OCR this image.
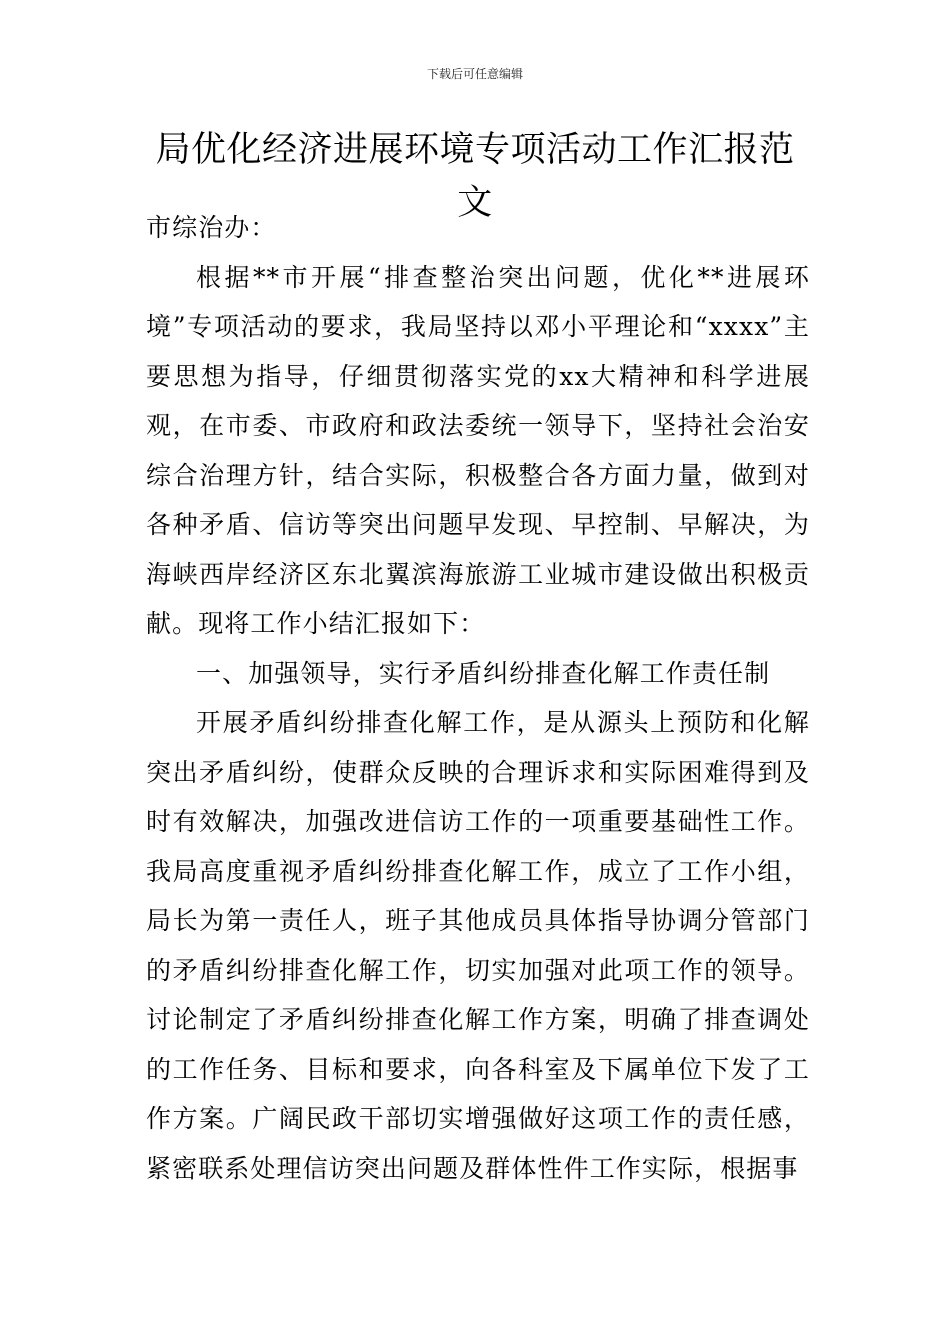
下载后可任意编辑
局优化经济进展环境专项活动工作汇报范文

市综治办：

根据**市开展“排查整治突出问题，优化**进展环境”专项活动的要求，我局坚持以邓小平理论和“xxxx”主要思想为指导，仔细贯彻落实党的xx大精神和科学进展观，在市委、市政府和政法委统一领导下，坚持社会治安综合治理方针，结合实际，积极整合各方面力量，做到对各种矛盾、信访等突出问题早发现、早控制、早解决，为海峡西岸经济区东北翼滨海旅游工业城市建设做出积极贡献。现将工作小结汇报如下：

一、加强领导，实行矛盾纠纷排查化解工作责任制

开展矛盾纠纷排查化解工作，是从源头上预防和化解突出矛盾纠纷，使群众反映的合理诉求和实际困难得到及时有效解决，加强改进信访工作的一项重要基础性工作。我局高度重视矛盾纠纷排查化解工作，成立了工作小组，局长为第一责任人，班子其他成员具体指导协调分管部门的矛盾纠纷排查化解工作，切实加强对此项工作的领导。讨论制定了矛盾纠纷排查化解工作方案，明确了排查调处的工作任务、目标和要求，向各科室及下属单位下发了工作方案。广阔民政干部切实增强做好这项工作的责任感，紧密联系处理信访突出问题及群体性件工作实际，根据事
